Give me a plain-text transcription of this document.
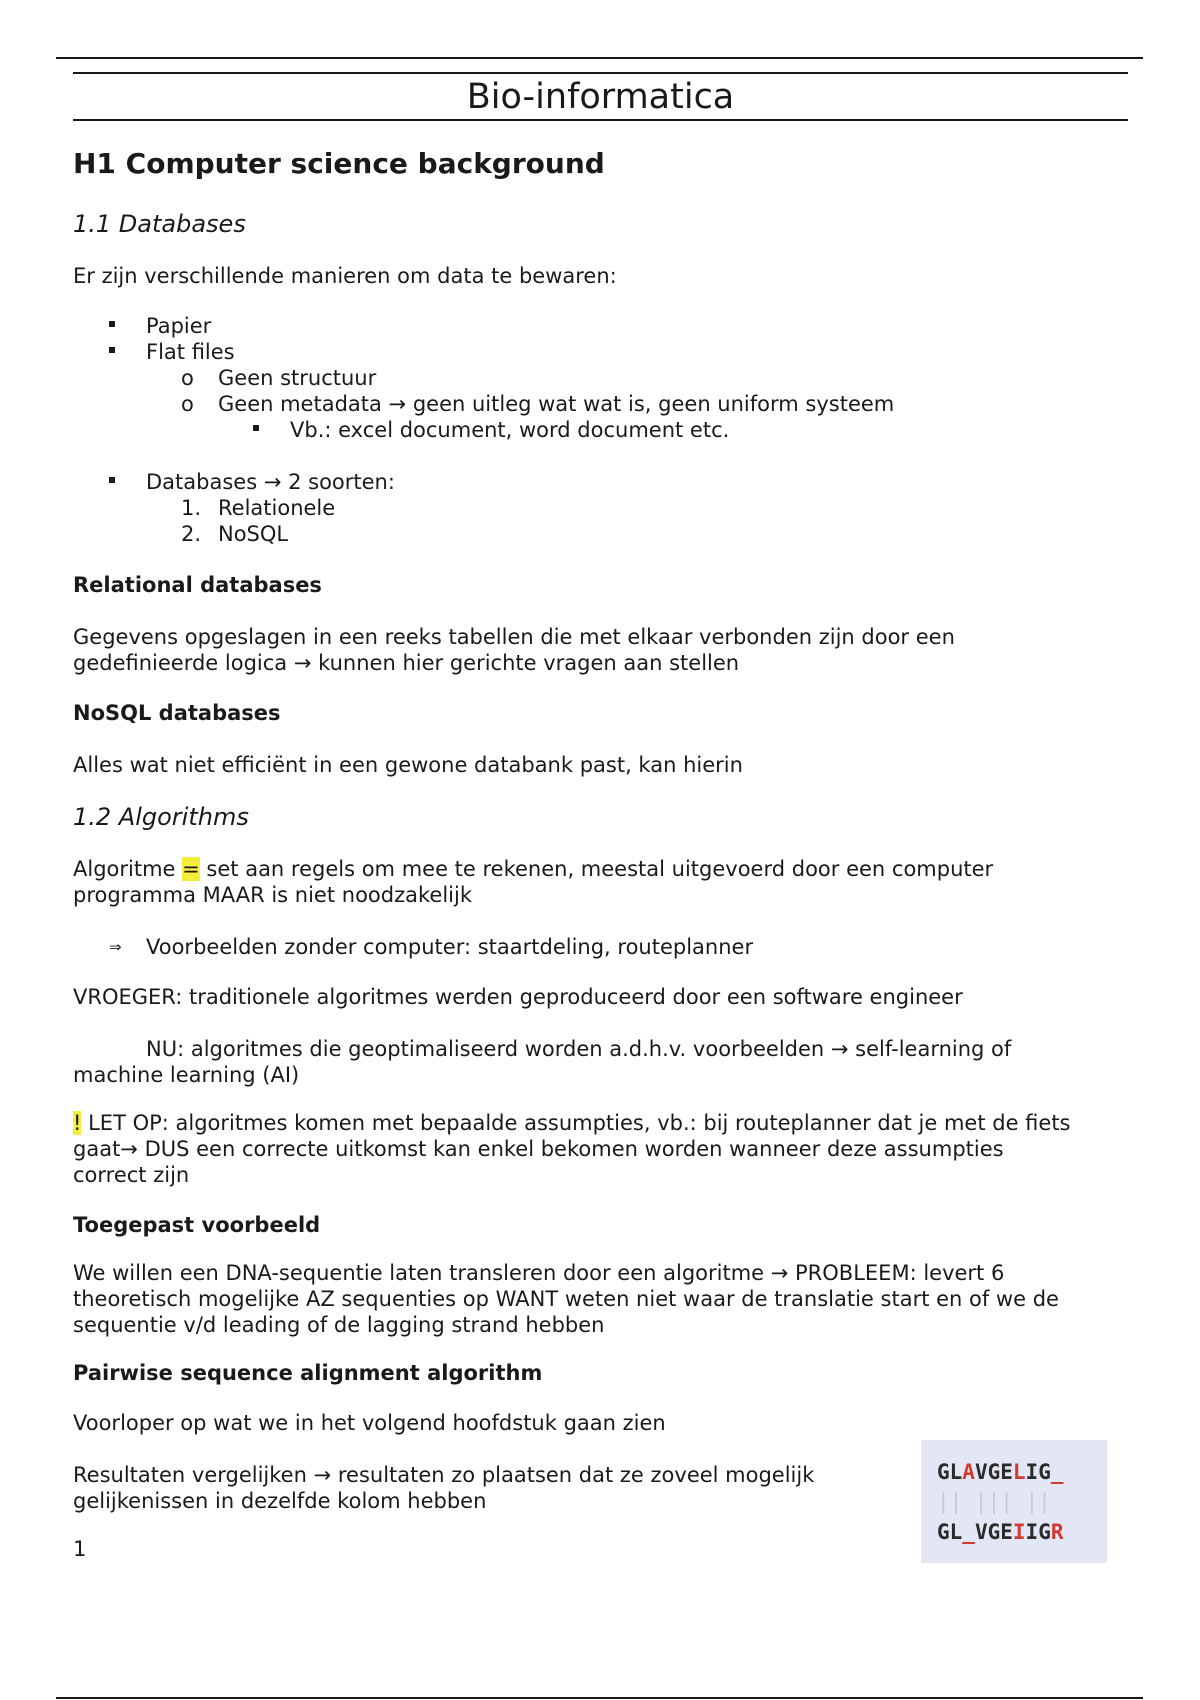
Bio-informatica
H1 Computer science background
1.1 Databases

Er zijn verschillende manieren om data te bewaren:

Papier
Flat files
o Geen structuur
o Geen metadata → geen uitleg wat wat is, geen uniform systeem
Vb.: excel document, word document etc.
Databases → 2 soorten:
1. Relationele
2. NoSQL
Relational databases

Gegevens opgeslagen in een reeks tabellen die met elkaar verbonden zijn door een
gedefinieerde logica → kunnen hier gerichte vragen aan stellen

NoSQL databases

Alles wat niet efficiënt in een gewone databank past, kan hierin

1.2 Algorithms

Algoritme = set aan regels om mee te rekenen, meestal uitgevoerd door een computer
programma MAAR is niet noodzakelijk

⇒ Voorbeelden zonder computer: staartdeling, routeplanner

VROEGER: traditionele algoritmes werden geproduceerd door een software engineer

NU: algoritmes die geoptimaliseerd worden a.d.h.v. voorbeelden → self-learning of
machine learning (AI)

! LET OP: algoritmes komen met bepaalde assumpties, vb.: bij routeplanner dat je met de fiets
gaat→ DUS een correcte uitkomst kan enkel bekomen worden wanneer deze assumpties
correct zijn

Toegepast voorbeeld

We willen een DNA-sequentie laten transleren door een algoritme → PROBLEEM: levert 6
theoretisch mogelijke AZ sequenties op WANT weten niet waar de translatie start en of we de
sequentie v/d leading of de lagging strand hebben

Pairwise sequence alignment algorithm

Voorloper op wat we in het volgend hoofdstuk gaan zien

Resultaten vergelijken → resultaten zo plaatsen dat ze zoveel mogelijk
gelijkenissen in dezelfde kolom hebben

1

GLAVGELIG_
|| ||| ||
GL_VGEIIGR
